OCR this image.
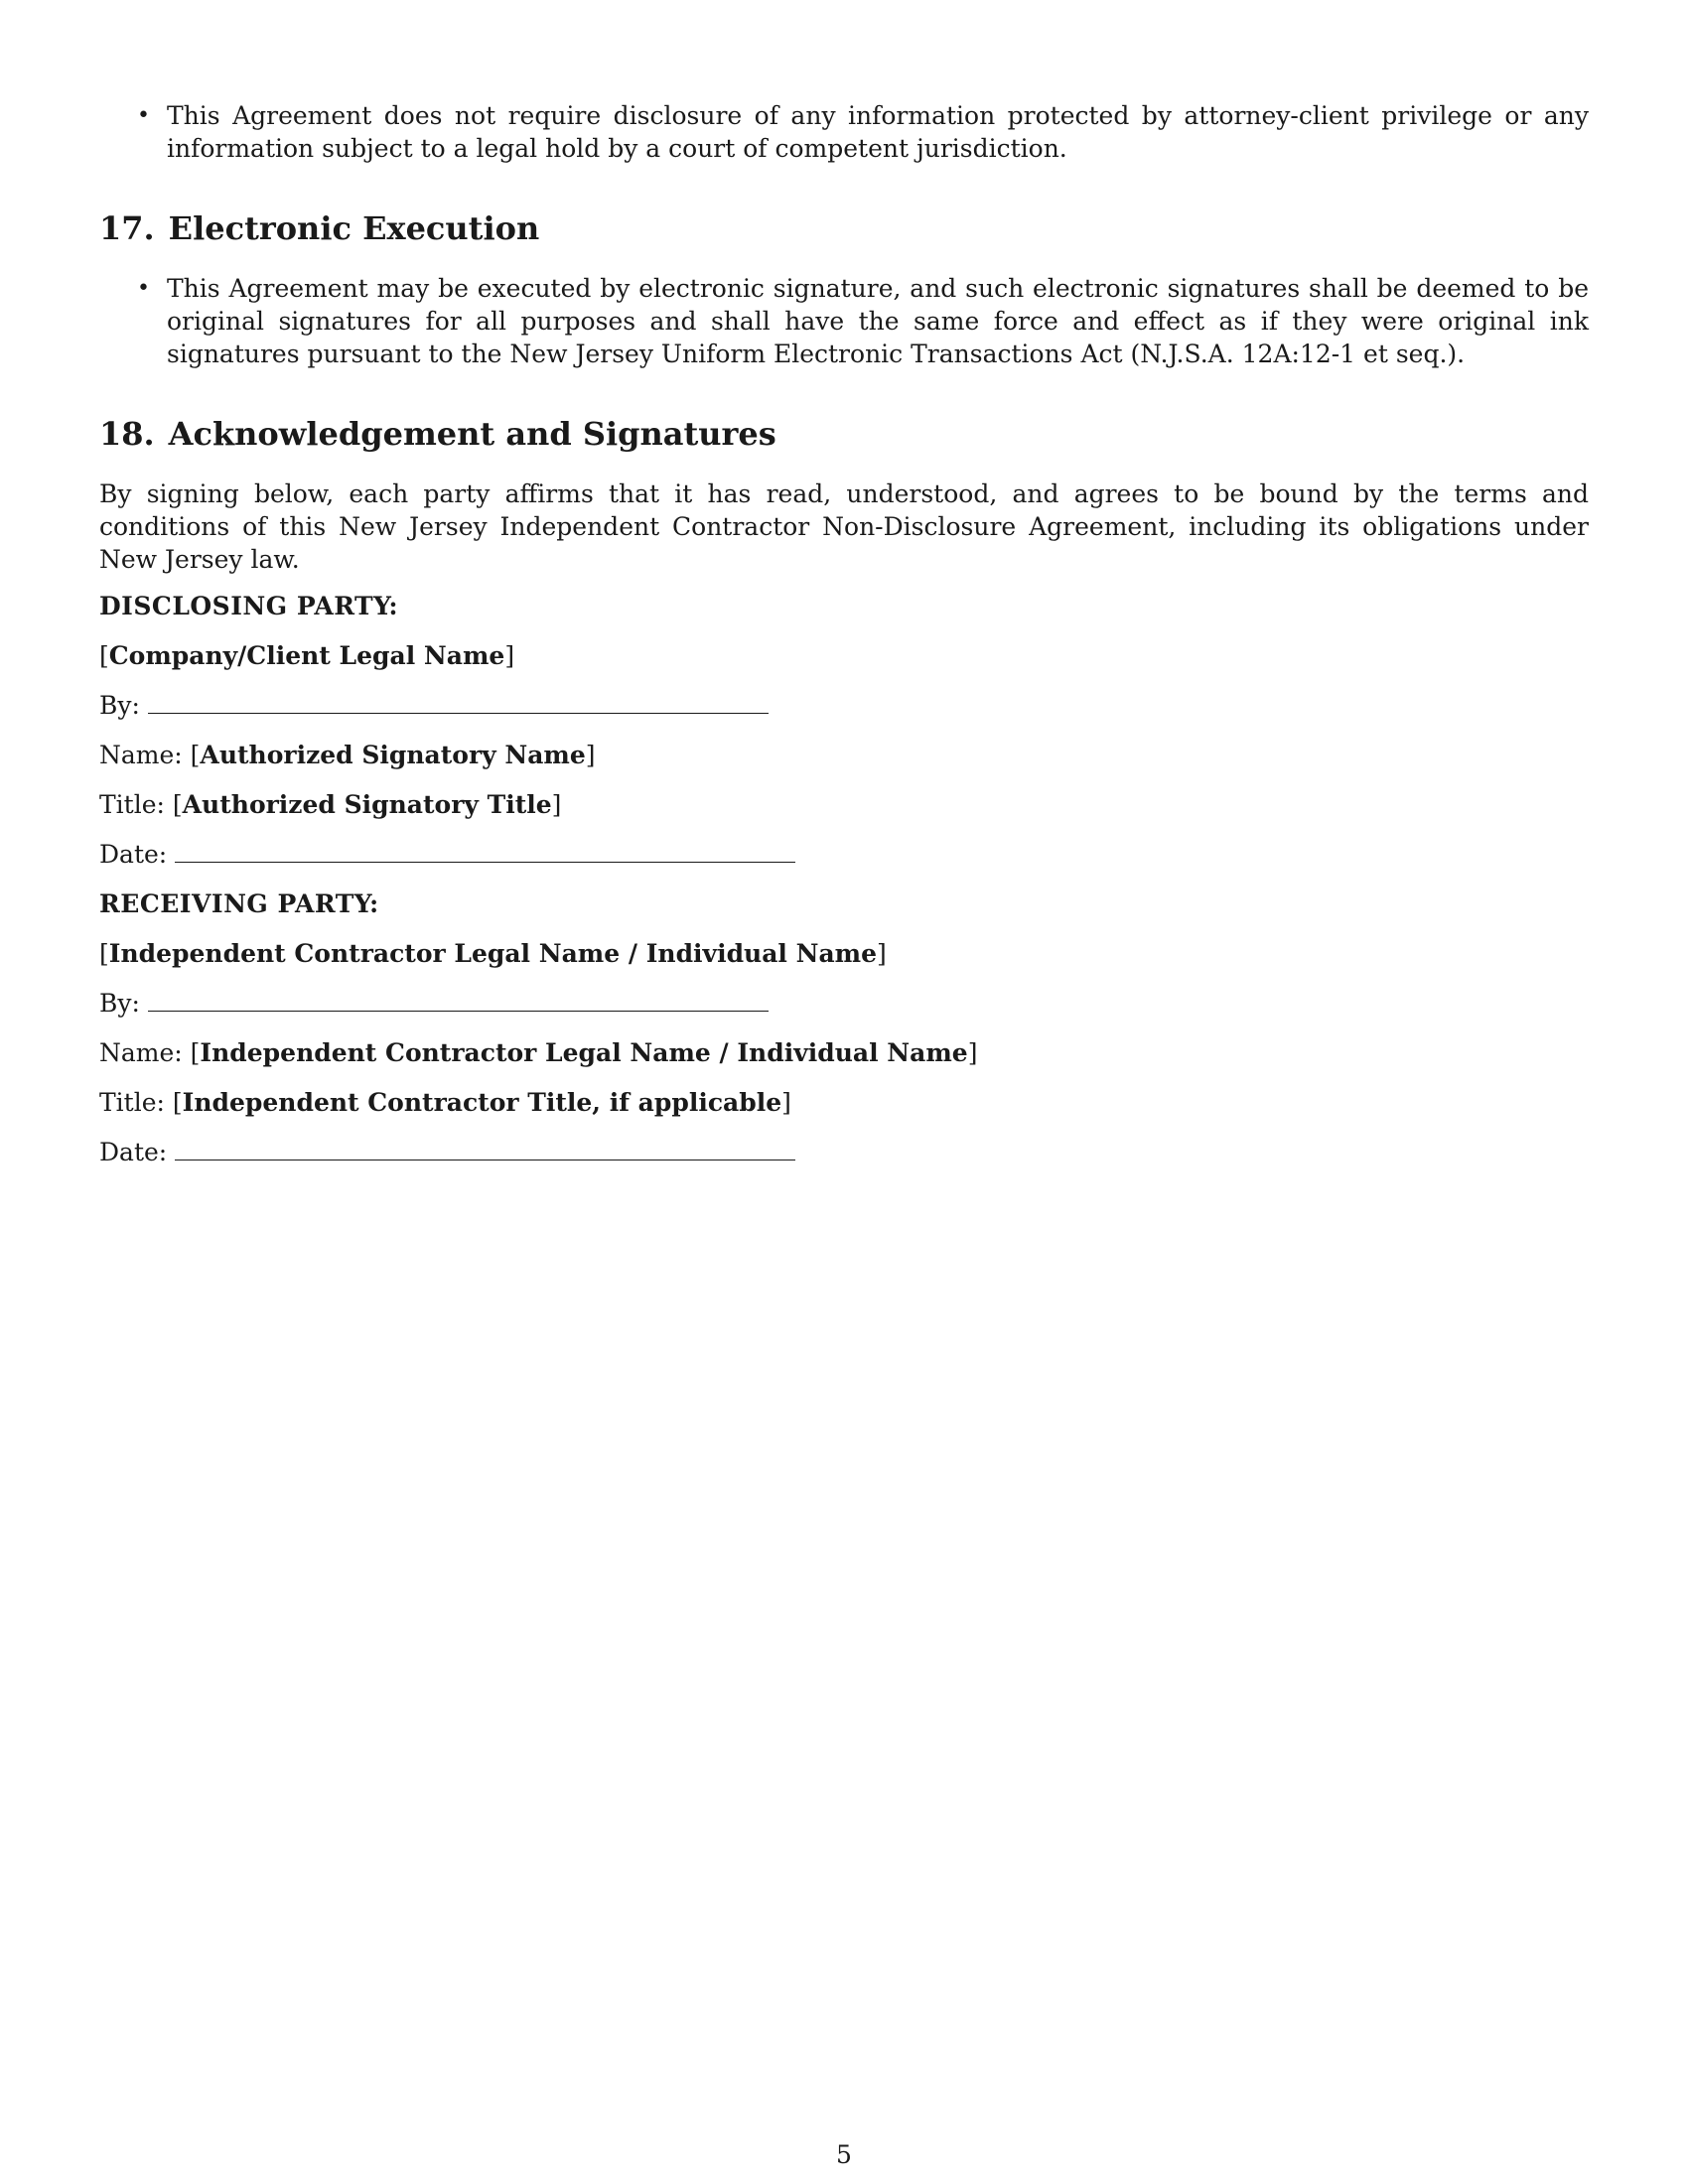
• This Agreement does not require disclosure of any information protected by attorney-client privilege or any information subject to a legal hold by a court of competent jurisdiction.
17. Electronic Execution
• This Agreement may be executed by electronic signature, and such electronic signatures shall be deemed to be original signatures for all purposes and shall have the same force and effect as if they were original ink signatures pursuant to the New Jersey Uniform Electronic Transactions Act (N.J.S.A. 12A:12-1 et seq.).
18. Acknowledgement and Signatures

By signing below, each party affirms that it has read, understood, and agrees to be bound by the terms and conditions of this New Jersey Independent Contractor Non-Disclosure Agreement, including its obligations under New Jersey law.

DISCLOSING PARTY:
[Company/Client Legal Name]
By:
Name: [Authorized Signatory Name]
Title: [Authorized Signatory Title]
Date:
RECEIVING PARTY:
[Independent Contractor Legal Name / Individual Name]
By:
Name: [Independent Contractor Legal Name / Individual Name]
Title: [Independent Contractor Title, if applicable]
Date:
5
